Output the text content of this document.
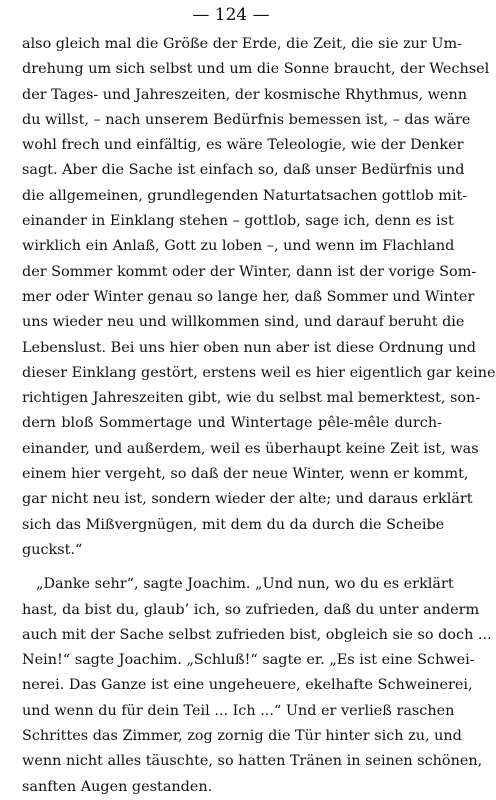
— 124 —
also gleich mal die Größe der Erde, die Zeit, die sie zur Um-
drehung um sich selbst und um die Sonne braucht, der Wechsel
der Tages- und Jahreszeiten, der kosmische Rhythmus, wenn
du willst, – nach unserem Bedürfnis bemessen ist, – das wäre
wohl frech und einfältig, es wäre Teleologie, wie der Denker
sagt. Aber die Sache ist einfach so, daß unser Bedürfnis und
die allgemeinen, grundlegenden Naturtatsachen gottlob mit-
einander in Einklang stehen – gottlob, sage ich, denn es ist
wirklich ein Anlaß, Gott zu loben –, und wenn im Flachland
der Sommer kommt oder der Winter, dann ist der vorige Som-
mer oder Winter genau so lange her, daß Sommer und Winter
uns wieder neu und willkommen sind, und darauf beruht die
Lebenslust. Bei uns hier oben nun aber ist diese Ordnung und
dieser Einklang gestört, erstens weil es hier eigentlich gar keine
richtigen Jahreszeiten gibt, wie du selbst mal bemerktest, son-
dern bloß Sommertage und Wintertage pêle-mêle durch-
einander, und außerdem, weil es überhaupt keine Zeit ist, was
einem hier vergeht, so daß der neue Winter, wenn er kommt,
gar nicht neu ist, sondern wieder der alte; und daraus erklärt
sich das Mißvergnügen, mit dem du da durch die Scheibe
guckst.“
„Danke sehr“, sagte Joachim. „Und nun, wo du es erklärt
hast, da bist du, glaub’ ich, so zufrieden, daß du unter anderm
auch mit der Sache selbst zufrieden bist, obgleich sie so doch ...
Nein!“ sagte Joachim. „Schluß!“ sagte er. „Es ist eine Schwei-
nerei. Das Ganze ist eine ungeheuere, ekelhafte Schweinerei,
und wenn du für dein Teil ... Ich ...“ Und er verließ raschen
Schrittes das Zimmer, zog zornig die Tür hinter sich zu, und
wenn nicht alles täuschte, so hatten Tränen in seinen schönen,
sanften Augen gestanden.
